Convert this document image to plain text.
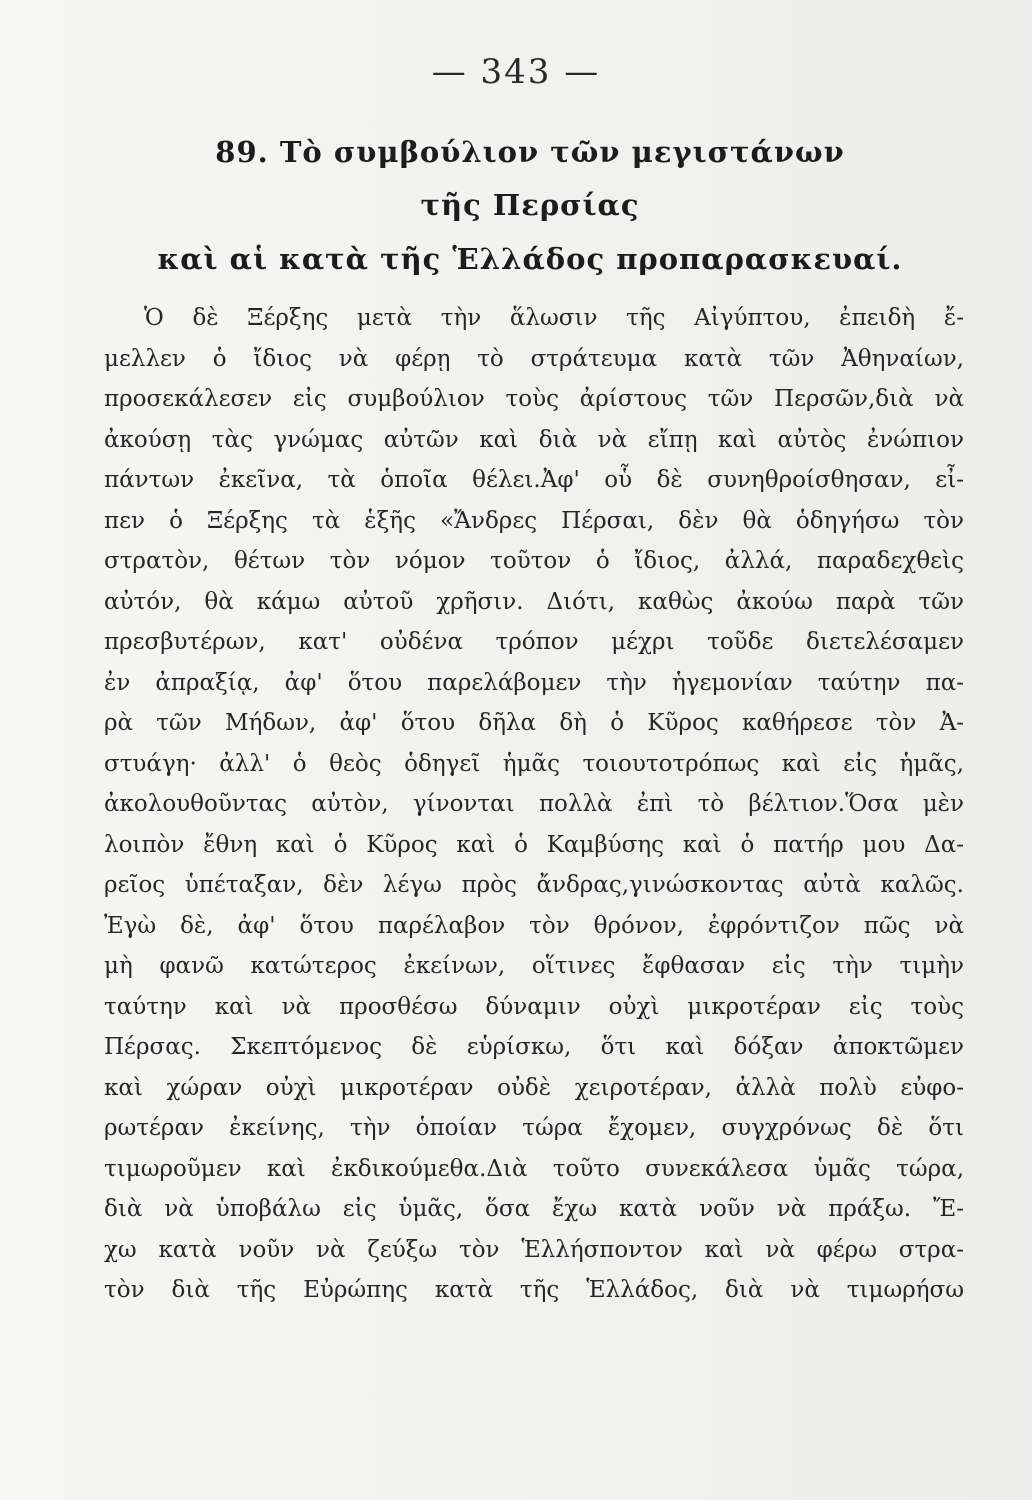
— 343 —
89. Τὸ συμβούλιον τῶν μεγιστάνων
τῆς Περσίας
καὶ αἱ κατὰ τῆς Ἑλλάδος προπαρασκευαί.
Ὁ δὲ Ξέρξης μετὰ τὴν ἅλωσιν τῆς Αἰγύπτου, ἐπειδὴ ἔ-
μελλεν ὁ ἴδιος νὰ φέρῃ τὸ στράτευμα κατὰ τῶν Ἀθηναίων,
προσεκάλεσεν εἰς συμβούλιον τοὺς ἀρίστους τῶν Περσῶν,διὰ νὰ
ἀκούσῃ τὰς γνώμας αὐτῶν καὶ διὰ νὰ εἴπῃ καὶ αὐτὸς ἐνώπιον
πάντων ἐκεῖνα, τὰ ὁποῖα θέλει.Ἀφ' οὗ δὲ συνηθροίσθησαν, εἶ-
πεν ὁ Ξέρξης τὰ ἑξῆς «Ἄνδρες Πέρσαι, δὲν θὰ ὁδηγήσω τὸν
στρατὸν, θέτων τὸν νόμον τοῦτον ὁ ἴδιος, ἀλλά, παραδεχθεὶς
αὐτόν, θὰ κάμω αὐτοῦ χρῆσιν. Διότι, καθὼς ἀκούω παρὰ τῶν
πρεσβυτέρων, κατ' οὐδένα τρόπον μέχρι τοῦδε διετελέσαμεν
ἐν ἀπραξίᾳ, ἀφ' ὅτου παρελάβομεν τὴν ἡγεμονίαν ταύτην πα-
ρὰ τῶν Μήδων, ἀφ' ὅτου δῆλα δὴ ὁ Κῦρος καθήρεσε τὸν Ἀ-
στυάγη· ἀλλ' ὁ θεὸς ὁδηγεῖ ἡμᾶς τοιουτοτρόπως καὶ εἰς ἡμᾶς,
ἀκολουθοῦντας αὐτὸν, γίνονται πολλὰ ἐπὶ τὸ βέλτιον.Ὅσα μὲν
λοιπὸν ἔθνη καὶ ὁ Κῦρος καὶ ὁ Καμβύσης καὶ ὁ πατήρ μου Δα-
ρεῖος ὑπέταξαν, δὲν λέγω πρὸς ἄνδρας,γινώσκοντας αὐτὰ καλῶς.
Ἐγὼ δὲ, ἀφ' ὅτου παρέλαβον τὸν θρόνον, ἐφρόντιζον πῶς νὰ
μὴ φανῶ κατώτερος ἐκείνων, οἵτινες ἔφθασαν εἰς τὴν τιμὴν
ταύτην καὶ νὰ προσθέσω δύναμιν οὐχὶ μικροτέραν εἰς τοὺς
Πέρσας. Σκεπτόμενος δὲ εὑρίσκω, ὅτι καὶ δόξαν ἀποκτῶμεν
καὶ χώραν οὐχὶ μικροτέραν οὐδὲ χειροτέραν, ἀλλὰ πολὺ εὐφο-
ρωτέραν ἐκείνης, τὴν ὁποίαν τώρα ἔχομεν, συγχρόνως δὲ ὅτι
τιμωροῦμεν καὶ ἐκδικούμεθα.Διὰ τοῦτο συνεκάλεσα ὑμᾶς τώρα,
διὰ νὰ ὑποβάλω εἰς ὑμᾶς, ὅσα ἔχω κατὰ νοῦν νὰ πράξω. Ἔ-
χω κατὰ νοῦν νὰ ζεύξω τὸν Ἑλλήσποντον καὶ νὰ φέρω στρα-
τὸν διὰ τῆς Εὐρώπης κατὰ τῆς Ἑλλάδος, διὰ νὰ τιμωρήσω
